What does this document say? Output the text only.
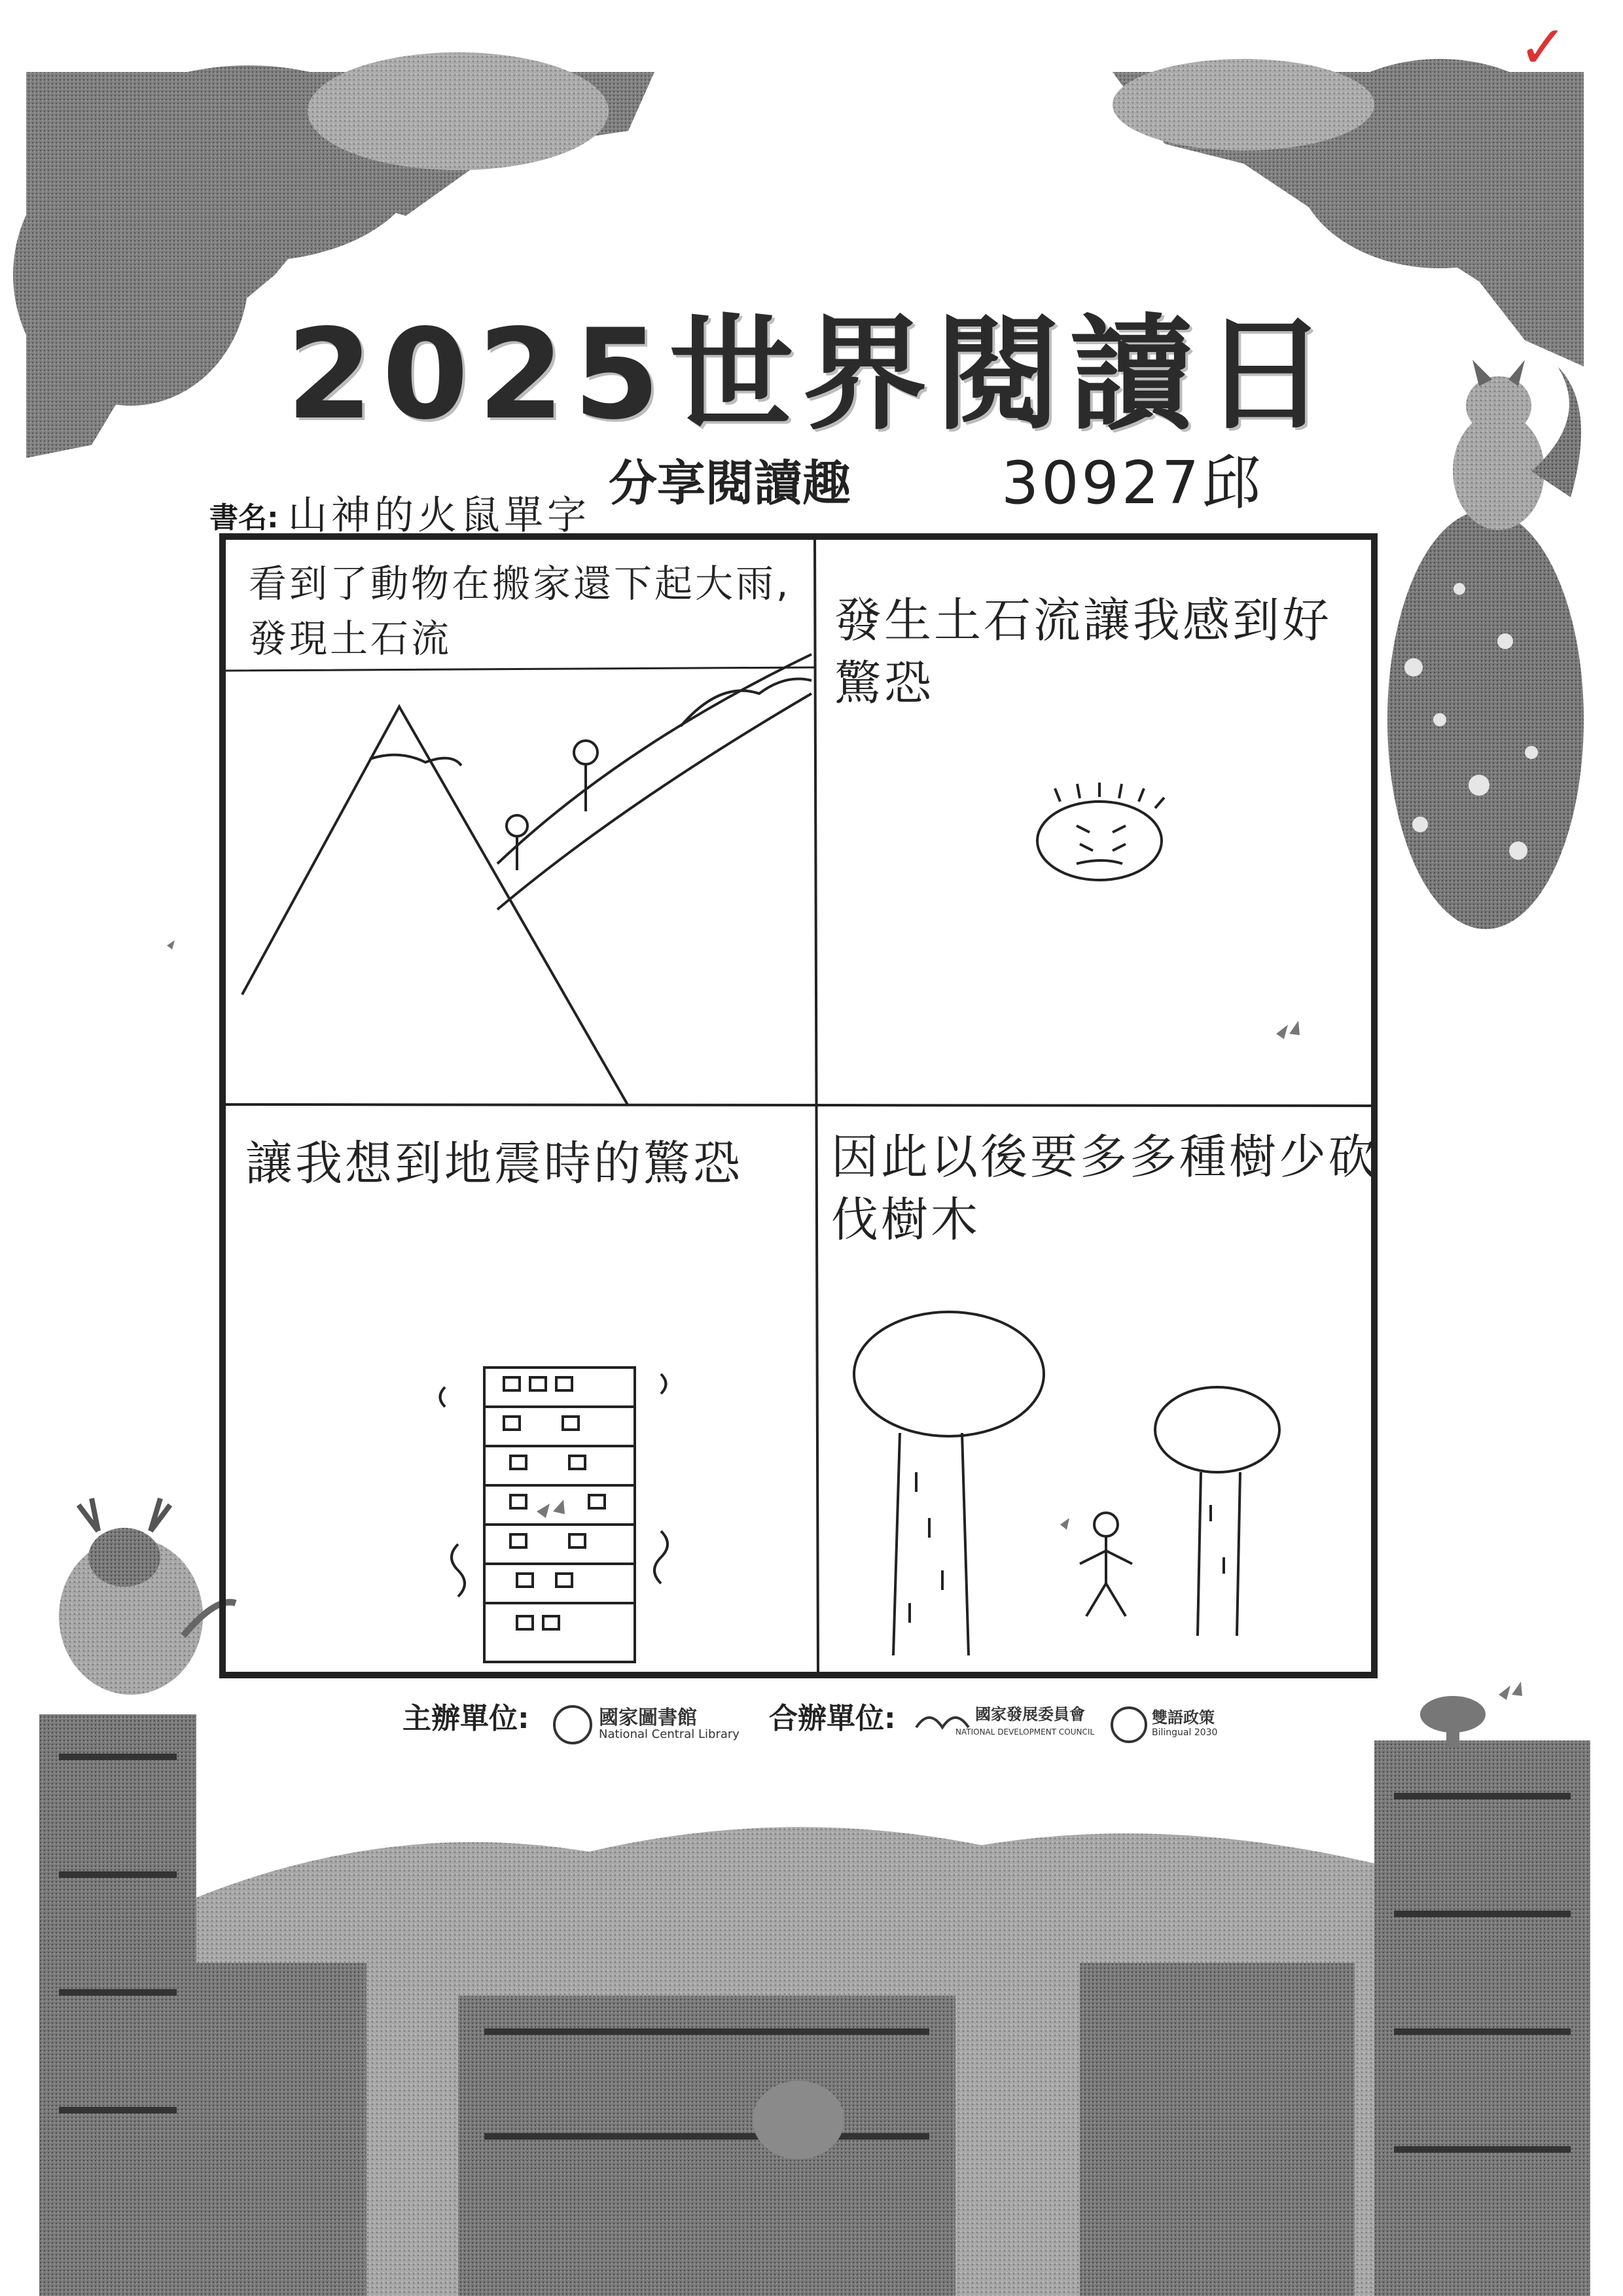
✓
2025世界閱讀日
分享閱讀趣	30927邱
書名: 山神的火鼠單字
看到了動物在搬家還下起大雨,發現土石流	發生土石流讓我感到好驚恐
讓我想到地震時的驚恐	因此以後要多多種樹少砍伐樹木
主辦單位:	國家圖書館
National Central Library 合辦單位:	國家發展委員會
NATIONAL DEVELOPMENT COUNCIL
雙語政策
Bilingual 2030
